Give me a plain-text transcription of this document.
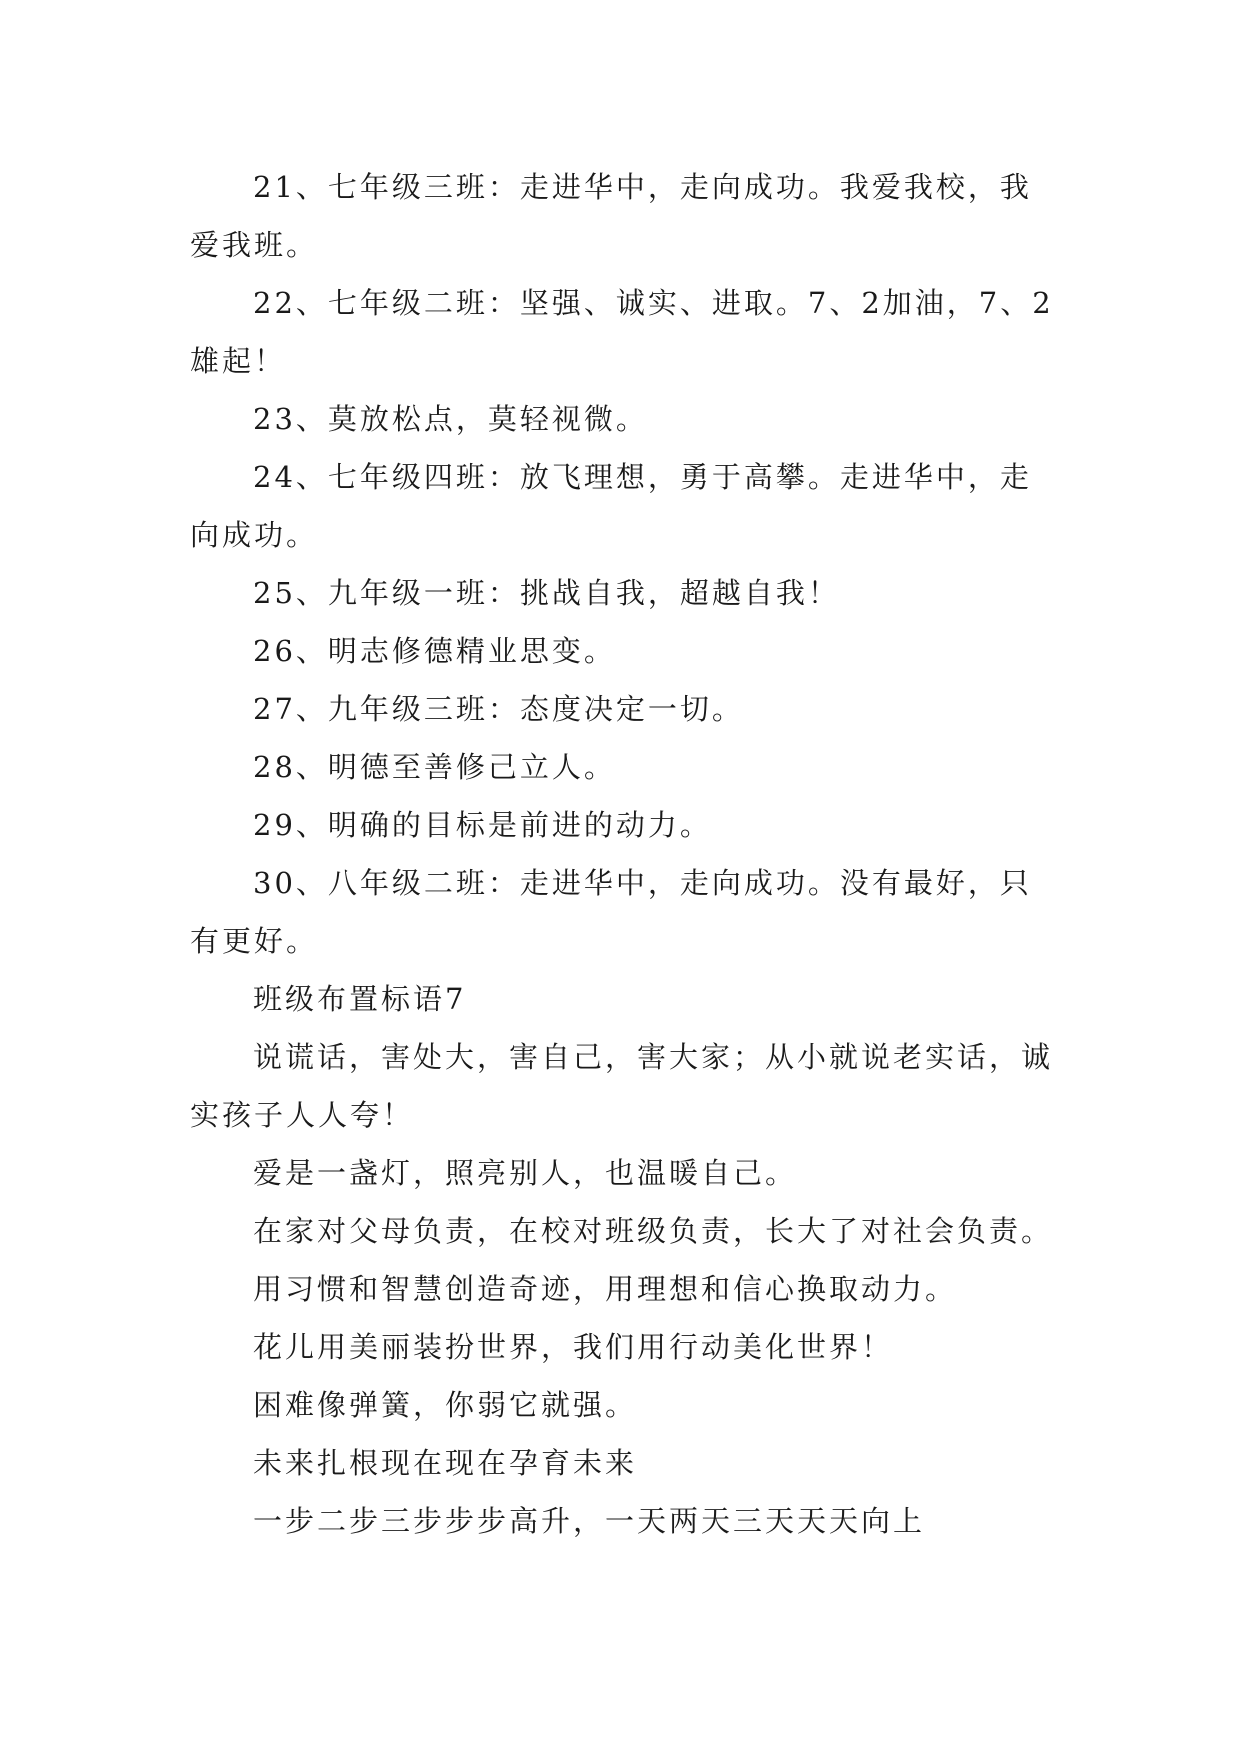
21、七年级三班：走进华中，走向成功。我爱我校，我爱我班。

22、七年级二班：坚强、诚实、进取。7、2加油，7、2雄起！

23、莫放松点，莫轻视微。

24、七年级四班：放飞理想，勇于高攀。走进华中，走向成功。

25、九年级一班：挑战自我，超越自我！

26、明志修德精业思变。

27、九年级三班：态度决定一切。

28、明德至善修己立人。

29、明确的目标是前进的动力。

30、八年级二班：走进华中，走向成功。没有最好，只有更好。

班级布置标语7

说谎话，害处大，害自己，害大家；从小就说老实话，诚实孩子人人夸！

爱是一盏灯，照亮别人，也温暖自己。

在家对父母负责，在校对班级负责，长大了对社会负责。

用习惯和智慧创造奇迹，用理想和信心换取动力。

花儿用美丽装扮世界，我们用行动美化世界！

困难像弹簧，你弱它就强。

未来扎根现在现在孕育未来

一步二步三步步步高升，一天两天三天天天向上
